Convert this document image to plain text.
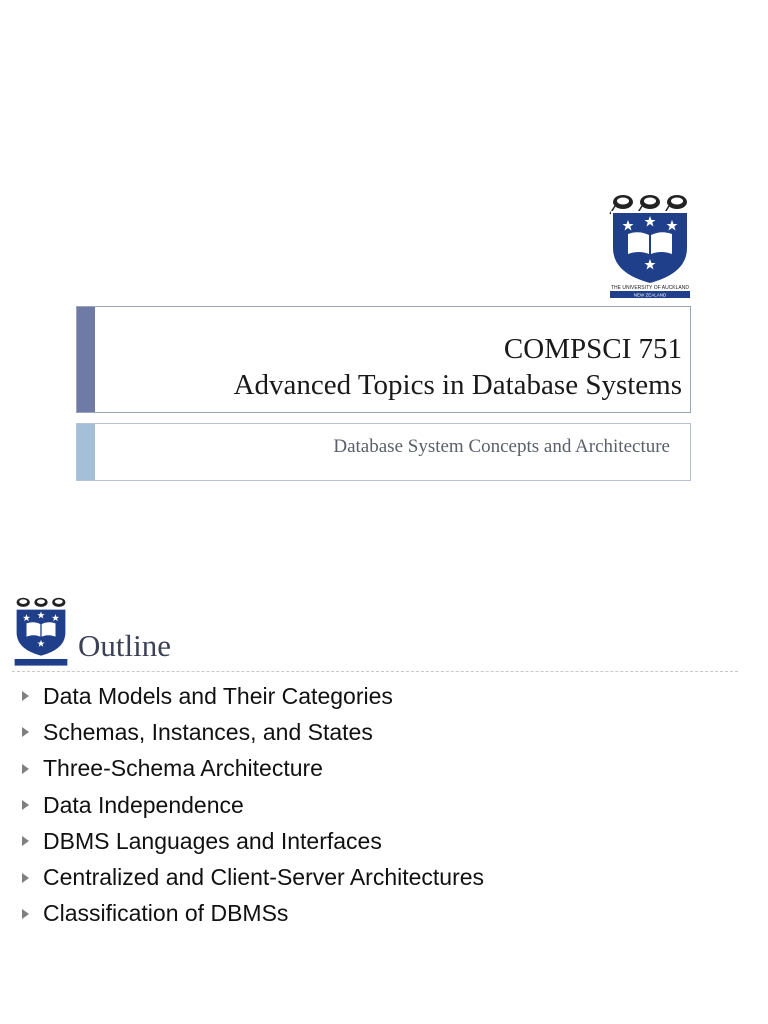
THE UNIVERSITY OF AUCKLAND
NEW ZEALAND
COMPSCI 751
Advanced Topics in Database Systems
Database System Concepts and Architecture
Outline
Data Models and Their Categories
Schemas, Instances, and States
Three-Schema Architecture
Data Independence
DBMS Languages and Interfaces
Centralized and Client-Server Architectures
Classification of DBMSs
